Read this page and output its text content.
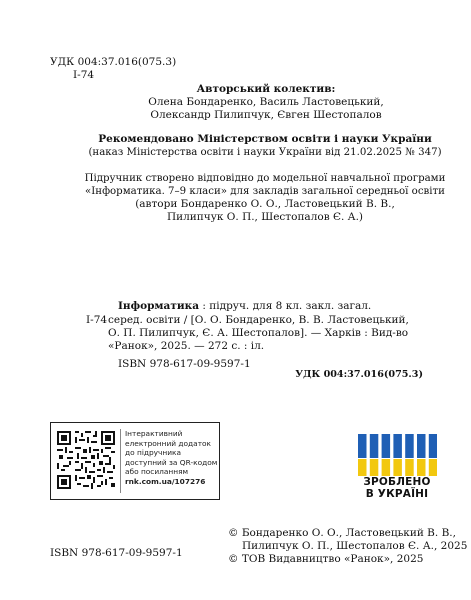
УДК 004:37.016(075.3)
І-74
Авторський колектив:
Олена Бондаренко, Василь Ластовецький,
Олександр Пилипчук, Євген Шестопалов
Рекомендовано Міністерством освіти і науки України
(наказ Міністерства освіти і науки України від 21.02.2025 № 347)
Підручник створено відповідно до модельної навчальної програми
«Інформатика. 7–9 класи» для закладів загальної середньої освіти
(автори Бондаренко О. О., Ластовецький В. В.,
Пилипчук О. П., Шестопалов Є. А.)
Інформатика : підруч. для 8 кл. закл. загал.
І-74 серед. освіти / [О. О. Бондаренко, В. В. Ластовецький,
О. П. Пилипчук, Є. А. Шестопалов]. — Харків : Вид-во
«Ранок», 2025. — 272 с. : іл.
ISBN 978-617-09-9597-1
УДК 004:37.016(075.3)
Інтерактивний
електронний додаток
до підручника
доступний за QR-кодом
або посиланням
rnk.com.ua/107276	ЗРОБЛЕНО
В УКРАЇНІ
ISBN 978-617-09-9597-1
© Бондаренко О. О., Ластовецький В. В.,
Пилипчук О. П., Шестопалов Є. А., 2025
© ТОВ Видавництво «Ранок», 2025
